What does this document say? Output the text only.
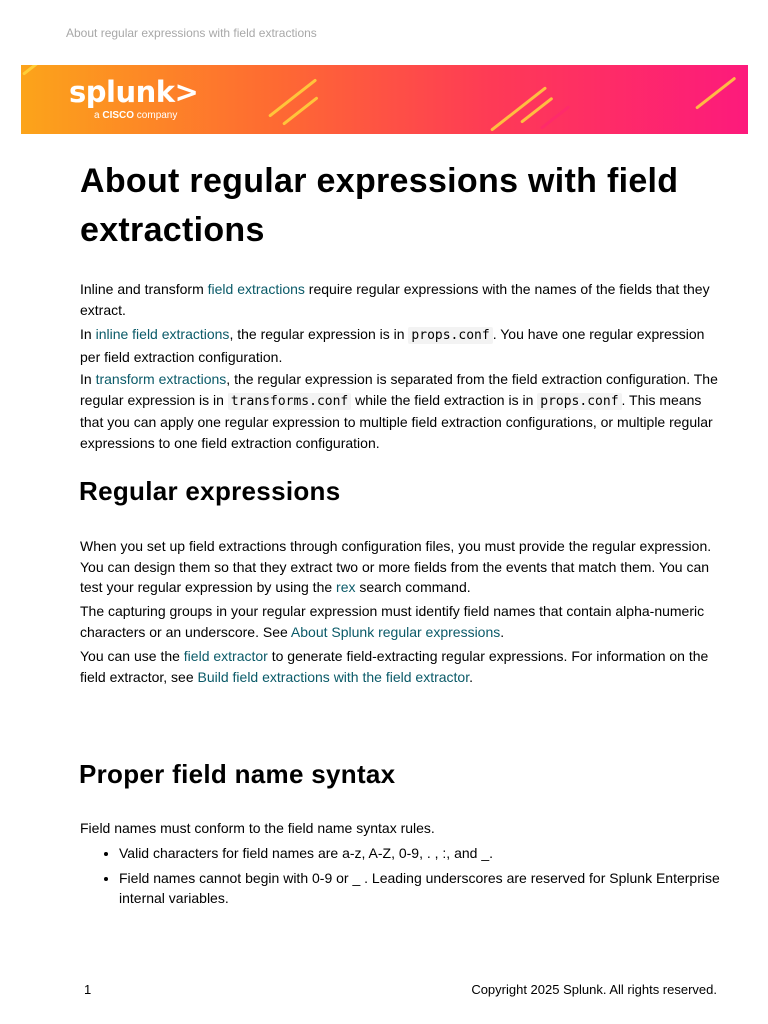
About regular expressions with field extractions
splunk>
a CISCO company
About regular expressions with field extractions

Inline and transform field extractions require regular expressions with the names of the fields that they extract.

In inline field extractions, the regular expression is in props.conf . You have one regular expression per field extraction configuration.

In transform extractions, the regular expression is separated from the field extraction configuration. The regular expression is in transforms.conf while the field extraction is in props.conf . This means that you can apply one regular expression to multiple field extraction configurations, or multiple regular expressions to one field extraction configuration.

Regular expressions

When you set up field extractions through configuration files, you must provide the regular expression. You can design them so that they extract two or more fields from the events that match them. You can test your regular expression by using the rex search command.

The capturing groups in your regular expression must identify field names that contain alpha-numeric characters or an underscore. See About Splunk regular expressions.

You can use the field extractor to generate field-extracting regular expressions. For information on the field extractor, see Build field extractions with the field extractor.

Proper field name syntax

Field names must conform to the field name syntax rules.

• Valid characters for field names are a-z, A-Z, 0-9, . , :, and _.
• Field names cannot begin with 0-9 or _ . Leading underscores are reserved for Splunk Enterprise internal variables.
1	Copyright 2025 Splunk. All rights reserved.
